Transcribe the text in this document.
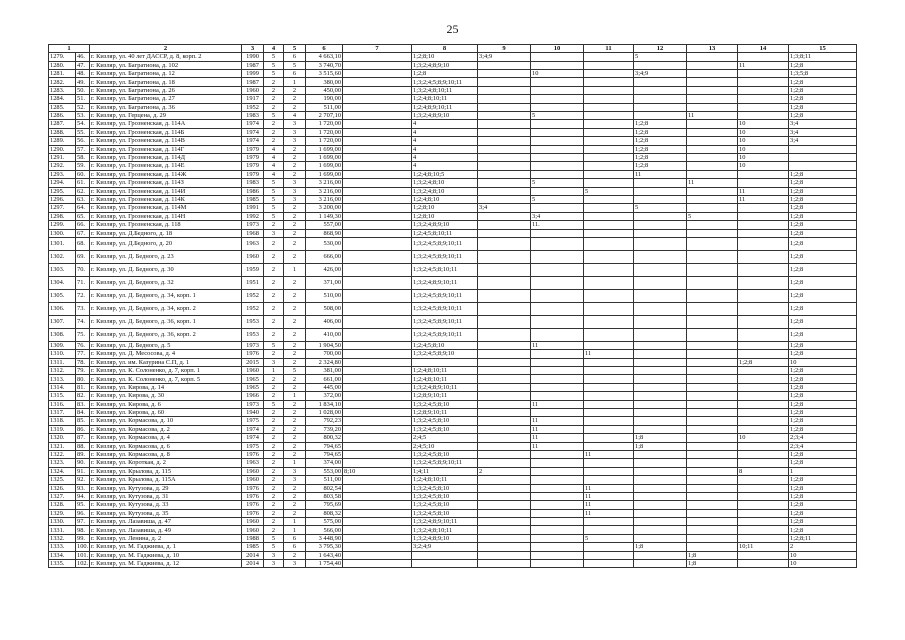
25
1		2	3	4	5	6	7	8	9	10	11	12	13	14	15
1279.	46.	г. Кизляр, ул. 40 лет ДАССР, д. 8, корп. 2	1990	5	6	4 663,10		1;2;8;10	3;4;9			5			1;3;8;11
1280.	47.	г. Кизляр, ул. Багратиона, д. 102	1987	5	5	3 740,70		1;3;2;4;8;9;10						11	1;2;8
1281.	48.	г. Кизляр, ул. Багратиона, д. 12	1999	5	6	3 515,60		1;2;8		10		3;4;9			1;3;5;8
1282.	49.	г. Кизляр, ул. Багратиона, д. 18	1987	2	1	380,00		1;3;2;4;5;8;9;10;11							1;2;8
1283.	50.	г. Кизляр, ул. Багратиона, д. 26	1960	2	2	450,00		1;3;2;4;8;10;11							1;2;8
1284.	51.	г. Кизляр, ул. Багратиона, д. 27	1917	2	2	190,00		1;2;4;8;10;11							1;2;8
1285.	52.	г. Кизляр, ул. Багратиона, д. 36	1952	2	2	511,00		1;2;4;8;9;10;11							1;2;8
1286.	53.	г. Кизляр, ул. Герцена, д. 29	1983	5	4	2 707,10		1;3;2;4;8;9;10		5			11		1;2;8
1287.	54.	г. Кизляр, ул. Грозненская, д. 114А	1974	2	3	1 720,00		4				1;2;8		10	3;4
1288.	55.	г. Кизляр, ул. Грозненская, д. 114Б	1974	2	3	1 720,00		4				1;2;8		10	3;4
1289.	56.	г. Кизляр, ул. Грозненская, д. 114В	1974	2	3	1 720,00		4				1;2;8		10	3;4
1290.	57.	г. Кизляр, ул. Грозненская, д. 114Г	1979	4	2	1 699,00		4				1;2;8		10	
1291.	58.	г. Кизляр, ул. Грозненская, д. 114Д	1979	4	2	1 699,00		4				1;2;8		10	
1292.	59.	г. Кизляр, ул. Грозненская, д. 114Е	1979	4	2	1 699,00		4				1;2;8		10	
1293.	60.	г. Кизляр, ул. Грозненская, д. 114Ж	1979	4	2	1 699,00		1;2;4;8;10;5				11			1;2;8
1294.	61.	г. Кизляр, ул. Грозненская, д. 114З	1983	5	3	3 216,00		1;3;2;4;8;10		5			11		1;2;8
1295.	62.	г. Кизляр, ул. Грозненская, д. 114И	1986	5	3	3 216,00		1;3;2;4;8;10			5			11	1;2;8
1296.	63.	г. Кизляр, ул. Грозненская, д. 114К	1985	5	3	3 216,00		1;2;4;8;10		5				11	1;2;8
1297.	64.	г. Кизляр, ул. Грозненская, д. 114М	1991	5	2	3 200,00		1;2;8;10	3;4			5			1;2;8
1298.	65.	г. Кизляр, ул. Грозненская, д. 114Н	1992	5	2	1 149,30		1;2;8;10		3;4			5		1;2;8
1299.	66.	г. Кизляр, ул. Грозненская, д. 118	1973	2	2	557,00		1;3;2;4;8;9;10		11.					1;2;8
1300.	67.	г. Кизляр, ул. Д.Бедного, д. 18	1968	3	2	868,90		1;2;4;5;8;10;11							1;2;8
1301.	68.	г. Кизляр, ул. Д.Бедного, д. 20	1963	2	2	530,00		1;3;2;4;5;8;9;10;11							1;2;8
1302.	69.	г. Кизляр, ул. Д. Бедного, д. 23	1960	2	2	666,00		1;3;2;4;5;8;9;10;11							1;2;8
1303.	70.	г. Кизляр, ул. Д. Бедного, д. 30	1959	2	1	426,00		1;3;2;4;5;8;10;11							1;2;8
1304.	71.	г. Кизляр, ул. Д. Бедного, д. 32	1951	2	2	371,00		1;3;2;4;8;9;10;11							1;2;8
1305.	72.	г. Кизляр, ул. Д. Бедного, д. 34, корп. 1	1952	2	2	510,00		1;3;2;4;5;8;9;10;11							1;2;8
1306.	73.	г. Кизляр, ул. Д. Бедного, д. 34, корп. 2	1952	2	2	508,00		1;3;2;4;5;8;9;10;11							1;2;8
1307.	74.	г. Кизляр, ул. Д. Бедного, д. 36, корп. 1	1953	2	2	406,00		1;3;2;4;5;8;9;10;11							1;2;8
1308.	75.	г. Кизляр, ул. Д. Бедного, д. 36, корп. 2	1953	2	2	410,00		1;3;2;4;5;8;9;10;11							1;2;8
1309.	76.	г. Кизляр, ул. Д. Бедного, д. 5	1973	5	2	1 904,50		1;2;4;5;8;10		11					1;2;8
1310.	77.	г. Кизляр, ул. Д. Месосова, д. 4	1976	2	2	700,00		1;3;2;4;5;8;9;10			11				1;2;8
1311.	78.	г. Кизляр, ул. им. Казурина С.П, д. 1	2015	3	2	2 324,80								1;2;8	10
1312.	79.	г. Кизляр, ул. К. Солоненко, д. 7, корп. 1	1960	1	5	381,00		1;2;4;8;10;11							1;2;8
1313.	80.	г. Кизляр, ул. К. Солоненко, д. 7, корп. 5	1965	2	2	661,00		1;2;4;8;10;11							1;2;8
1314.	81.	г. Кизляр, ул. Кирова, д. 14	1965	2	2	445,00		1;3;2;4;8;9;10;11							1;2;8
1315.	82.	г. Кизляр, ул. Кирова, д. 30	1966	2	1	372,00		1;2;8;9;10;11							1;2;8
1316.	83.	г. Кизляр, ул. Кирова, д. 6	1973	5	2	1 834,10		1;3;2;4;5;8;10		11					1;2;8
1317.	84.	г. Кизляр, ул. Кирова, д. 60	1940	2	2	1 028,00		1;2;8;9;10;11							1;2;8
1318.	85.	г. Кизляр, ул. Кормасова, д. 10	1975	2	2	792,23		1;3;2;4;5;8;10		11					1;2;8
1319.	86.	г. Кизляр, ул. Кормасова, д. 2	1974	2	2	739,20		1;3;2;4;5;8;10		11					1;2;8
1320.	87.	г. Кизляр, ул. Кормасова, д. 4	1974	2	2	800,32		2;4;5		11		1;8		10	2;3;4
1321.	88.	г. Кизляр, ул. Кормасова, д. 6	1975	2	2	794,65		2;4;5;10		11		1;8			2;3;4
1322.	89.	г. Кизляр, ул. Кормасова, д. 8	1976	2	2	794,65		1;3;2;4;5;8;10			11				1;2;8
1323.	90.	г. Кизляр, ул. Короткая, д. 2	1963	2	1	374,00		1;3;2;4;5;8;9;10;11							1;2;8
1324.	91.	г. Кизляр, ул. Крылова, д. 115	1960	2	3	553,00	8;10	1;4;11	2					8	1
1325.	92.	г. Кизляр, ул. Крылова, д. 115А	1960	2	3	511,00		1;2;4;8;10;11							1;2;8
1326.	93.	г. Кизляр, ул. Кутузова, д. 29	1976	2	2	802,54		1;3;2;4;5;8;10			11				1;2;8
1327.	94.	г. Кизляр, ул. Кутузова, д. 31	1976	2	2	803,58		1;3;2;4;5;8;10			11				1;2;8
1328.	95.	г. Кизляр, ул. Кутузова, д. 33	1976	2	2	795,69		1;3;2;4;5;8;10			11				1;2;8
1329.	96.	г. Кизляр, ул. Кутузова, д. 35	1976	2	2	808,32		1;3;2;4;5;8;10			11				1;2;8
1330.	97.	г. Кизляр, ул. Лазавиша, д. 47	1960	2	1	575,00		1;3;2;4;8;9;10;11							1;2;8
1331.	98.	г. Кизляр, ул. Лазавиша, д. 49	1960	2	1	566,00		1;3;2;4;8;10;11							1;2;8
1332.	99.	г. Кизляр, ул. Ленина, д. 2	1988	5	6	3 448,90		1;3;2;4;8;9;10			5				1;2;8;11
1333.	100.	г. Кизляр, ул. М. Гаджиева, д. 1	1985	5	6	3 795,30		3;2;4;9				1;8		10;11	2
1334.	101.	г. Кизляр, ул. М. Гаджиева, д. 10	2014	3	2	1 643,40							1;8		10
1335.	102.	г. Кизляр, ул. М. Гаджиева, д. 12	2014	3	3	1 754,40							1;8		10
